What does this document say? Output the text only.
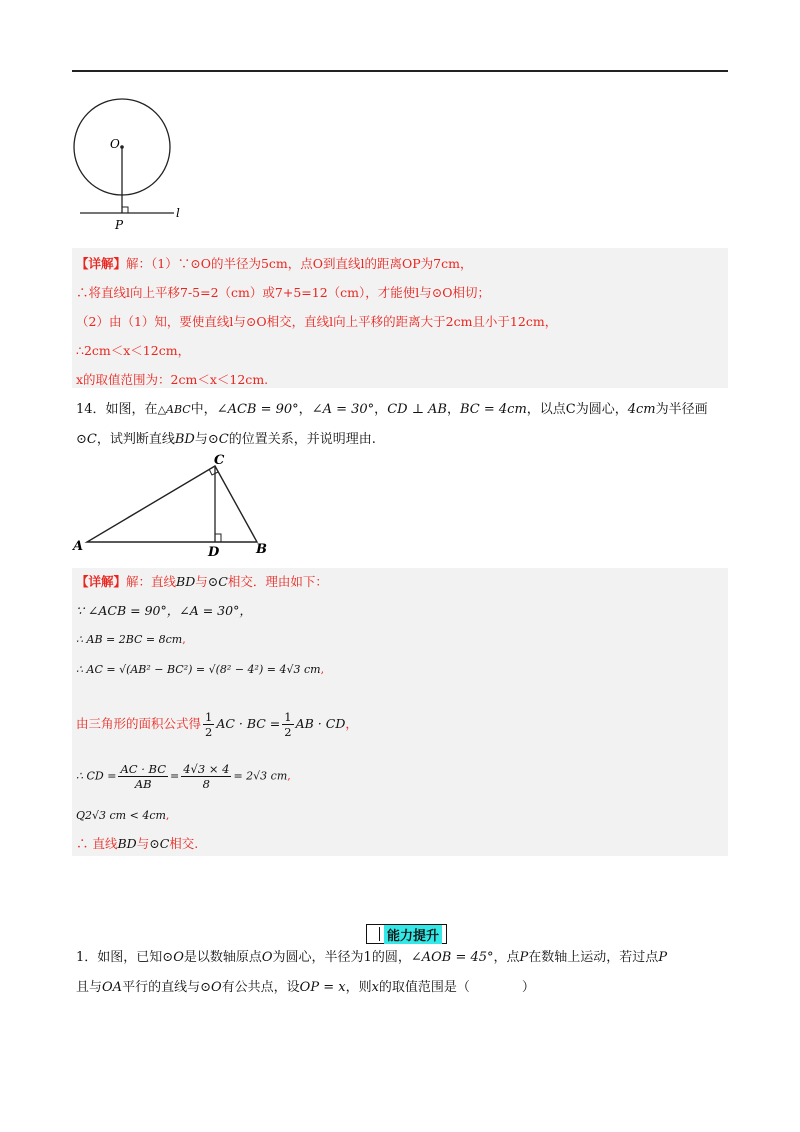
O
P
l
【详解】解：（1）∵⊙O的半径为5cm，点O到直线l的距离OP为7cm，
∴将直线l向上平移7-5=2（cm）或7+5=12（cm），才能使l与⊙O相切；
（2）由（1）知，要使直线l与⊙O相交，直线l向上平移的距离大于2cm且小于12cm，
∴2cm＜x＜12cm，
x的取值范围为：2cm＜x＜12cm.
14．如图，在△ABC中，∠ACB = 90°，∠A = 30°，CD ⊥ AB，BC = 4cm，以点C为圆心，4cm为半径画
⊙C，试判断直线BD与⊙C的位置关系，并说明理由.
A	B
C
D
【详解】解：直线BD与⊙C相交．理由如下：
∵ ∠ACB = 90°，∠A = 30°，
∴ AB = 2BC = 8cm,
∴ AC = √(AB² − BC²) = √(8² − 4²) = 4√3 cm,
由三角形的面积公式得 $\frac{1}{2}$ AC · BC = $\frac{1}{2}$ AB · CD，
∴ CD = $\frac{AC \cdot BC}{AB} = \frac{4√3 \times 4}{8} = 2√3$ cm,
Q2√3 cm < 4cm,
∴ 直线BD与⊙C相交.
能力提升
1．如图，已知⊙O是以数轴原点O为圆心，半径为1的圆，∠AOB = 45°，点P在数轴上运动，若过点P
且与OA平行的直线与⊙O有公共点，设OP = x，则x的取值范围是（　　　　）
